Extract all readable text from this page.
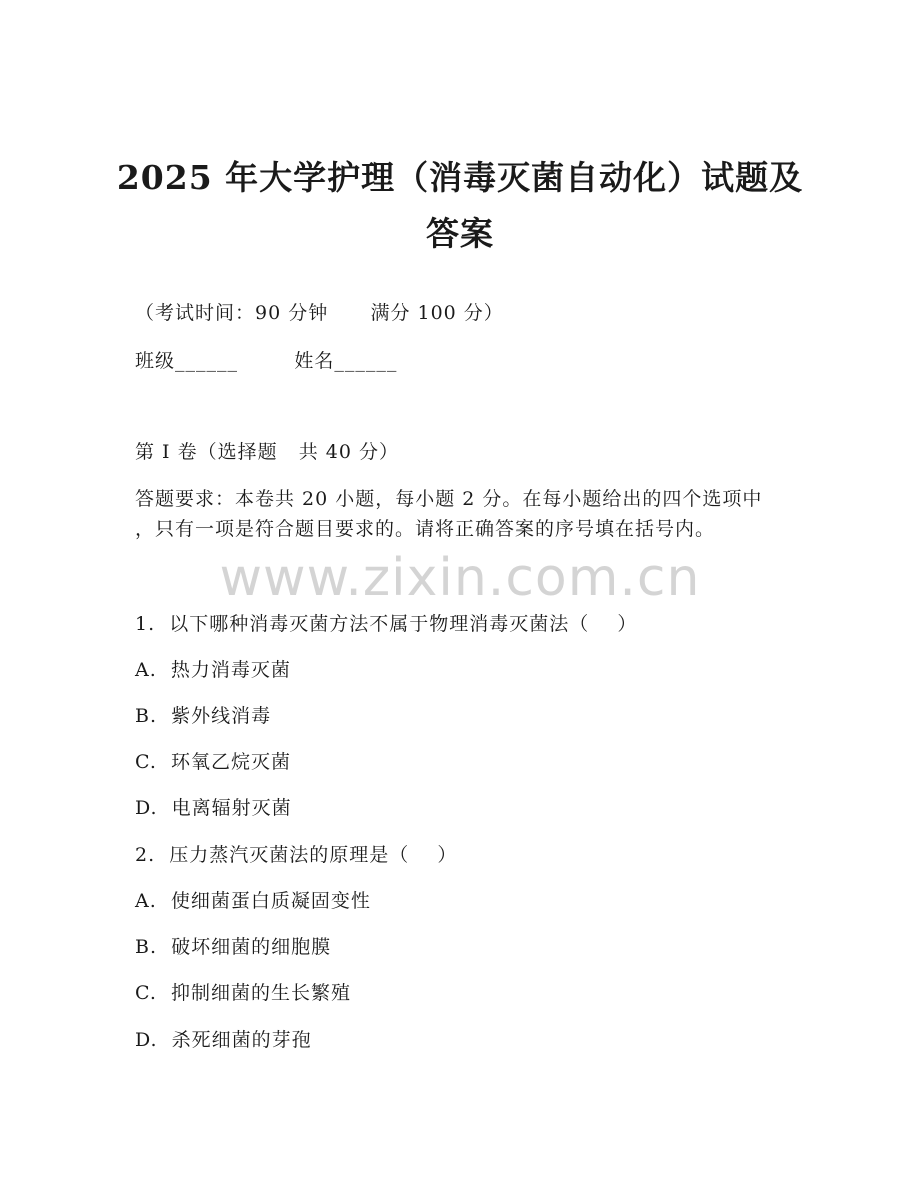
2025 年大学护理（消毒灭菌自动化）试题及
答案
（考试时间：90 分钟      满分 100 分）
班级______        姓名______
第 I 卷（选择题   共 40 分）
答题要求：本卷共 20 小题，每小题 2 分。在每小题给出的四个选项中
，只有一项是符合题目要求的。请将正确答案的序号填在括号内。
www.zixin.com.cn
1.  以下哪种消毒灭菌方法不属于物理消毒灭菌法（    ）
A.  热力消毒灭菌
B.  紫外线消毒
C.  环氧乙烷灭菌
D.  电离辐射灭菌
2.  压力蒸汽灭菌法的原理是（    ）
A.  使细菌蛋白质凝固变性
B.  破坏细菌的细胞膜
C.  抑制细菌的生长繁殖
D.  杀死细菌的芽孢
